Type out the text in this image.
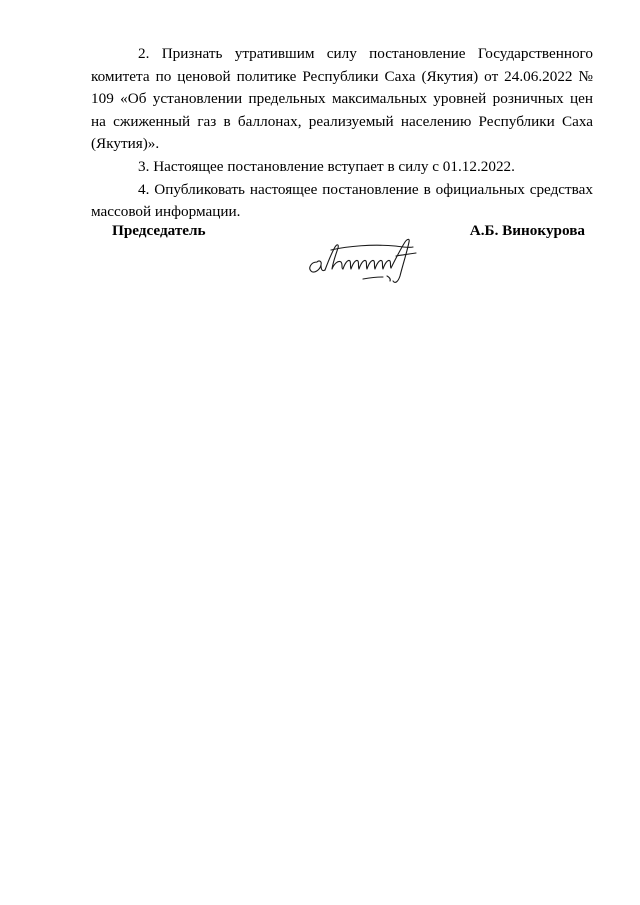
2. Признать утратившим силу постановление Государственного комитета по ценовой политике Республики Саха (Якутия) от 24.06.2022 № 109 «Об установлении предельных максимальных уровней розничных цен на сжиженный газ в баллонах, реализуемый населению Республики Саха (Якутия)».

3. Настоящее постановление вступает в силу с 01.12.2022.

4. Опубликовать настоящее постановление в официальных средствах массовой информации.

Председатель	А.Б. Винокурова
